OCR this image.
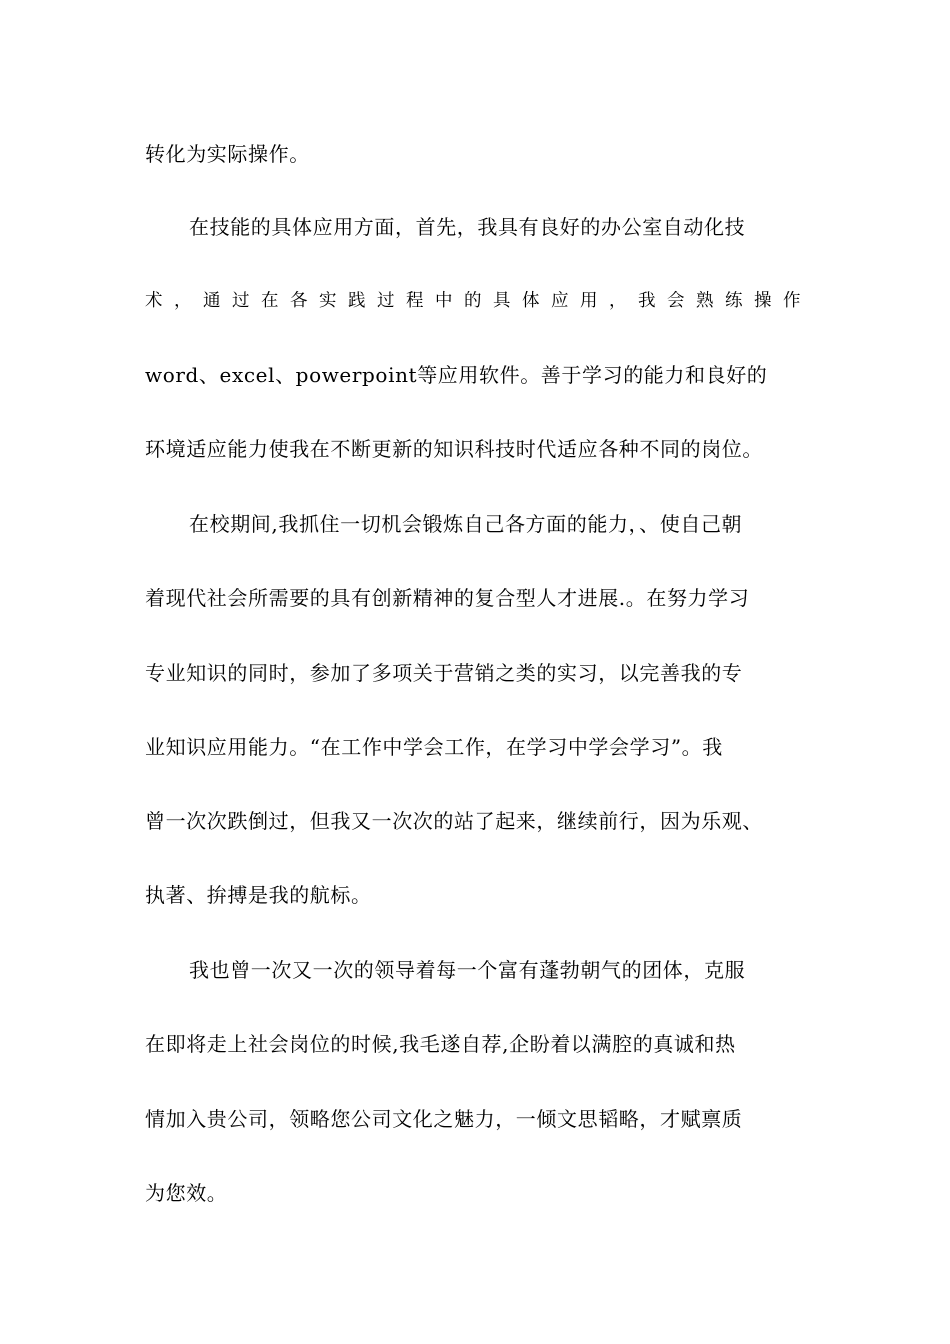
转化为实际操作。
在技能的具体应用方面，首先，我具有良好的办公室自动化技
术，通过在各实践过程中的具体应用，我会熟练操作
word、excel、powerpoint等应用软件。善于学习的能力和良好的
环境适应能力使我在不断更新的知识科技时代适应各种不同的岗位。
在校期间,我抓住一切机会锻炼自己各方面的能力，、使自己朝
着现代社会所需要的具有创新精神的复合型人才进展.。在努力学习
专业知识的同时，参加了多项关于营销之类的实习，以完善我的专
业知识应用能力。“在工作中学会工作，在学习中学会学习”。我
曾一次次跌倒过，但我又一次次的站了起来，继续前行，因为乐观、
执著、拚搏是我的航标。
我也曾一次又一次的领导着每一个富有蓬勃朝气的团体，克服
在即将走上社会岗位的时候,我毛遂自荐,企盼着以满腔的真诚和热
情加入贵公司，领略您公司文化之魅力，一倾文思韬略，才赋禀质
为您效。
